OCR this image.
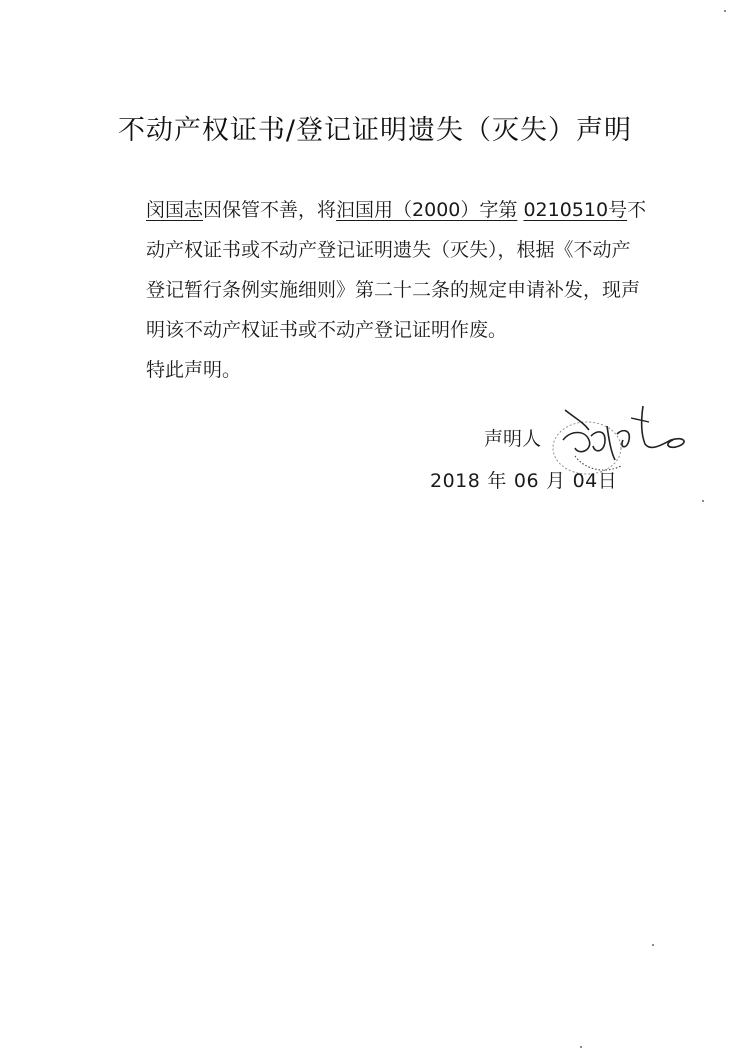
不动产权证书/登记证明遗失（灭失）声明

闵国志因保管不善，将汩国用（2000）字第 0210510号不动产权证书或不动产登记证明遗失（灭失），根据《不动产登记暂行条例实施细则》第二十二条的规定申请补发，现声明该不动产权证书或不动产登记证明作废。

特此声明。

声明人
2018 年 06 月 04日
